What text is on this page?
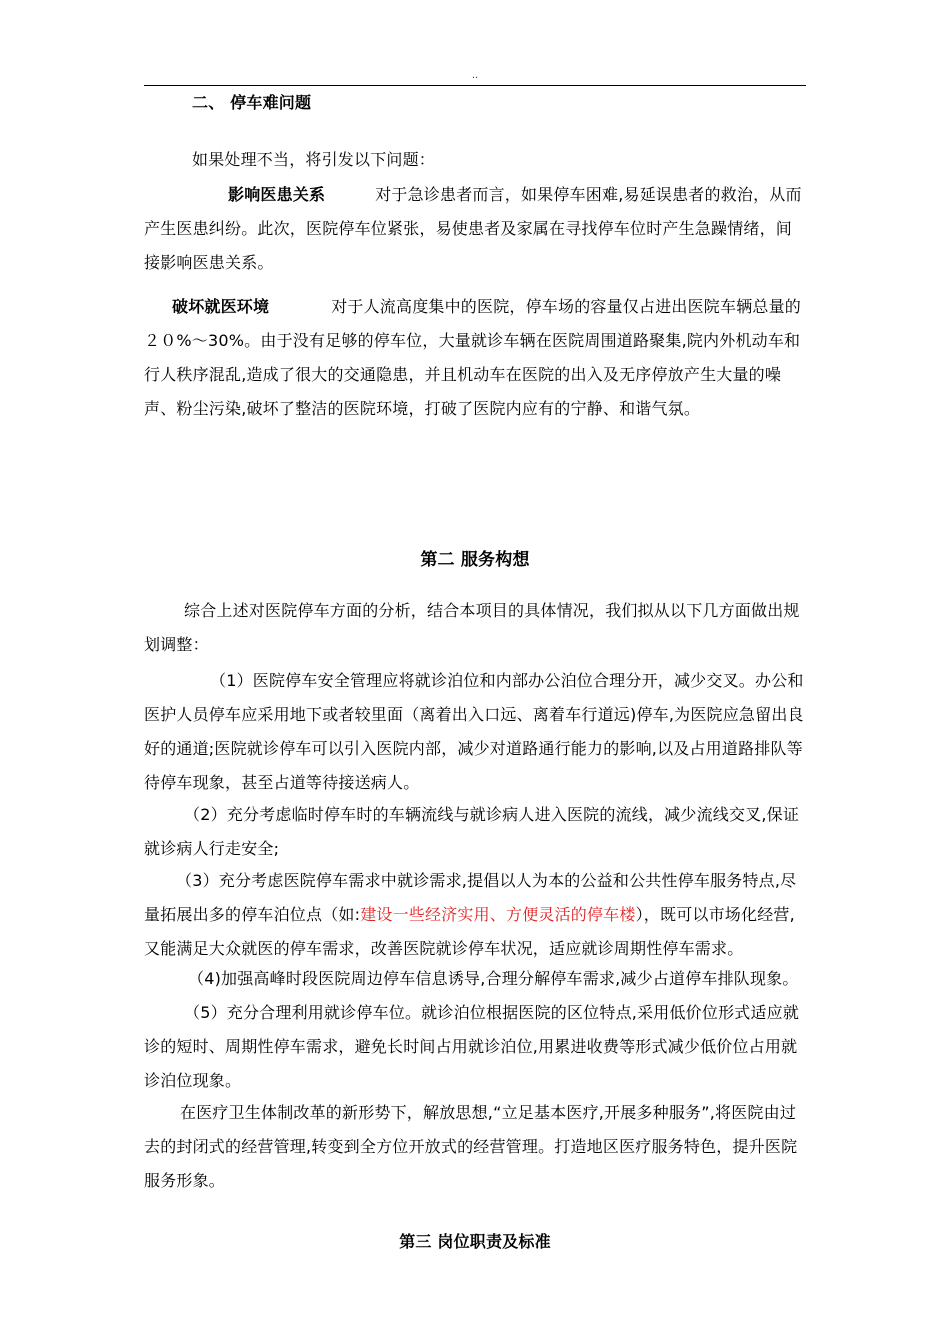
..
二、 停车难问题
如果处理不当，将引发以下问题：
影响医患关系	对于急诊患者而言，如果停车困难,易延误患者的救治，从而产生医患纠纷。此次，医院停车位紧张，易使患者及家属在寻找停车位时产生急躁情绪，间接影响医患关系。
破坏就医环境	对于人流高度集中的医院，停车场的容量仅占进出医院车辆总量的２０%～30%。由于没有足够的停车位，大量就诊车辆在医院周围道路聚集,院内外机动车和行人秩序混乱,造成了很大的交通隐患，并且机动车在医院的出入及无序停放产生大量的噪声、粉尘污染,破坏了整洁的医院环境，打破了医院内应有的宁静、和谐气氛。
第二 服务构想
综合上述对医院停车方面的分析，结合本项目的具体情况，我们拟从以下几方面做出规划调整：
（1）医院停车安全管理应将就诊泊位和内部办公泊位合理分开，减少交叉。办公和医护人员停车应采用地下或者较里面（离着出入口远、离着车行道远)停车,为医院应急留出良好的通道;医院就诊停车可以引入医院内部，减少对道路通行能力的影响,以及占用道路排队等待停车现象，甚至占道等待接送病人。
（2）充分考虑临时停车时的车辆流线与就诊病人进入医院的流线，减少流线交叉,保证就诊病人行走安全;
（3）充分考虑医院停车需求中就诊需求,提倡以人为本的公益和公共性停车服务特点,尽量拓展出多的停车泊位点（如:建设一些经济实用、方便灵活的停车楼），既可以市场化经营,又能满足大众就医的停车需求，改善医院就诊停车状况，适应就诊周期性停车需求。
（4)加强高峰时段医院周边停车信息诱导,合理分解停车需求,减少占道停车排队现象。
（5）充分合理利用就诊停车位。就诊泊位根据医院的区位特点,采用低价位形式适应就诊的短时、周期性停车需求，避免长时间占用就诊泊位,用累进收费等形式减少低价位占用就诊泊位现象。
在医疗卫生体制改革的新形势下，解放思想,“立足基本医疗,开展多种服务”,将医院由过去的封闭式的经营管理,转变到全方位开放式的经营管理。打造地区医疗服务特色，提升医院服务形象。
第三 岗位职责及标准
